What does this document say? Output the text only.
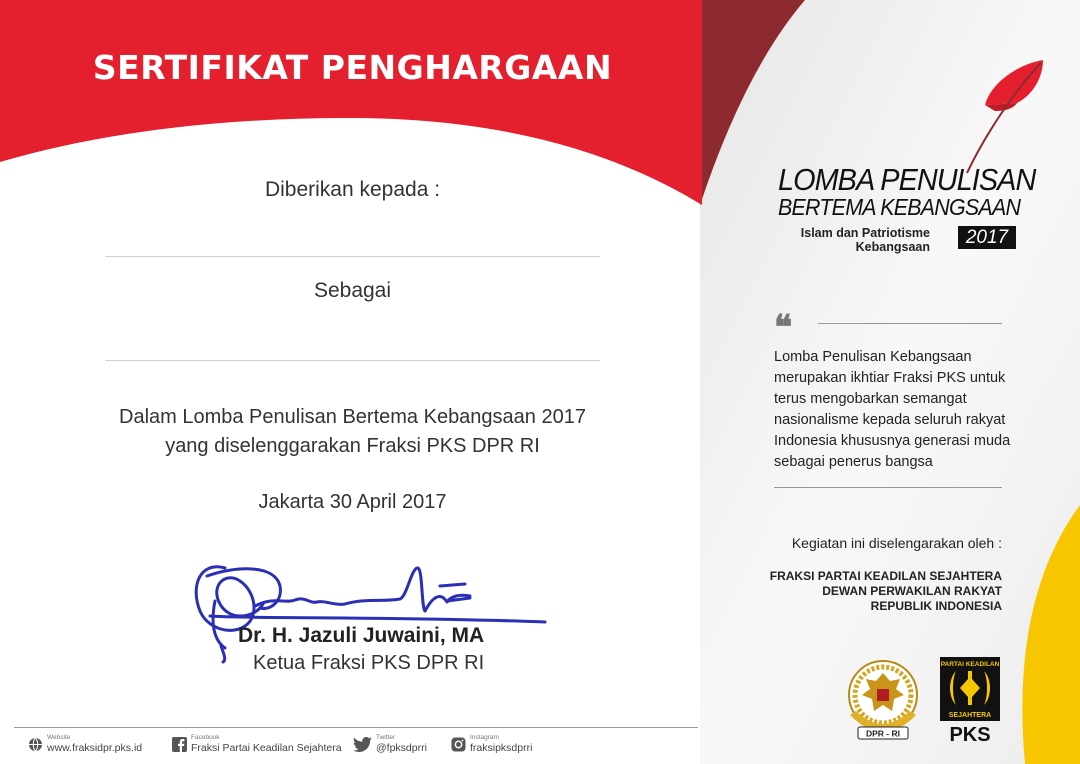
SERTIFIKAT PENGHARGAAN
Diberikan kepada :
Sebagai
Dalam Lomba Penulisan Bertema Kebangsaan 2017
yang diselenggarakan Fraksi PKS DPR RI
Jakarta 30 April 2017
Dr. H. Jazuli Juwaini, MA
Ketua Fraksi PKS DPR RI
Website
www.fraksidpr.pks.id
Facebook
Fraksi Partai Keadilan Sejahtera
Twitter
@fpksdprri
Instagram
fraksipksdprri
LOMBA PENULISAN
BERTEMA KEBANGSAAN
Islam dan Patriotisme
Kebangsaan	2017
❝
Lomba Penulisan Kebangsaan merupakan ikhtiar Fraksi PKS untuk terus mengobarkan semangat nasionalisme kepada seluruh rakyat Indonesia khususnya generasi muda sebagai penerus bangsa
Kegiatan ini diselengarakan oleh :
FRAKSI PARTAI KEADILAN SEJAHTERA
DEWAN PERWAKILAN RAKYAT
REPUBLIK INDONESIA
DPR - RI
PARTAI KEADILAN
SEJAHTERA
PKS
